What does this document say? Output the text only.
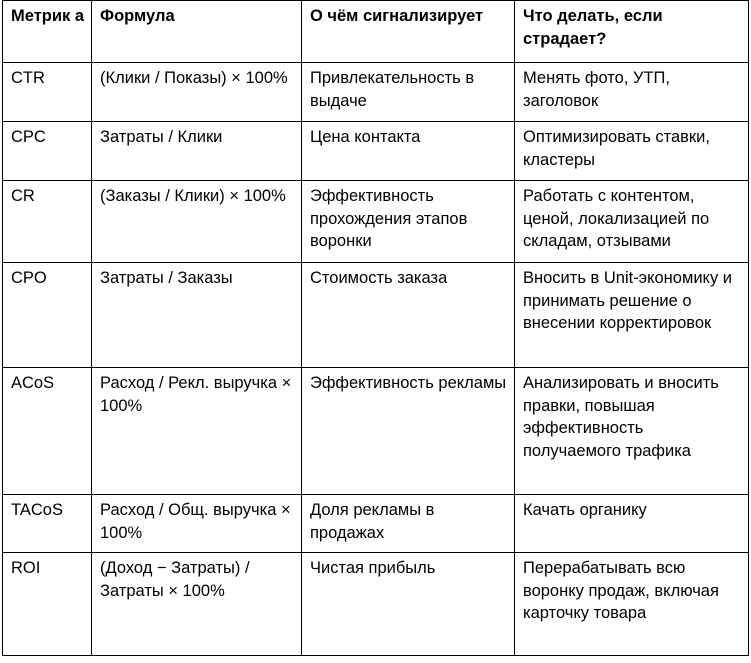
Метрик а	Формула	О чём сигнализирует	Что делать, если страдает?
CTR	(Клики / Показы) × 100%	Привлекательность в выдаче	Менять фото, УТП, заголовок
CPC	Затраты / Клики	Цена контакта	Оптимизировать ставки, кластеры
CR	(Заказы / Клики) × 100%	Эффективность прохождения этапов воронки	Работать с контентом, ценой, локализацией по складам, отзывами
CPO	Затраты / Заказы	Стоимость заказа	Вносить в Unit-экономику и принимать решение о внесении корректировок
ACoS	Расход / Рекл. выручка × 100%	Эффективность рекламы	Анализировать и вносить правки, повышая эффективность получаемого трафика
TACoS	Расход / Общ. выручка × 100%	Доля рекламы в продажах	Качать органику
ROI	(Доход − Затраты) / Затраты × 100%	Чистая прибыль	Перерабатывать всю воронку продаж, включая карточку товара
